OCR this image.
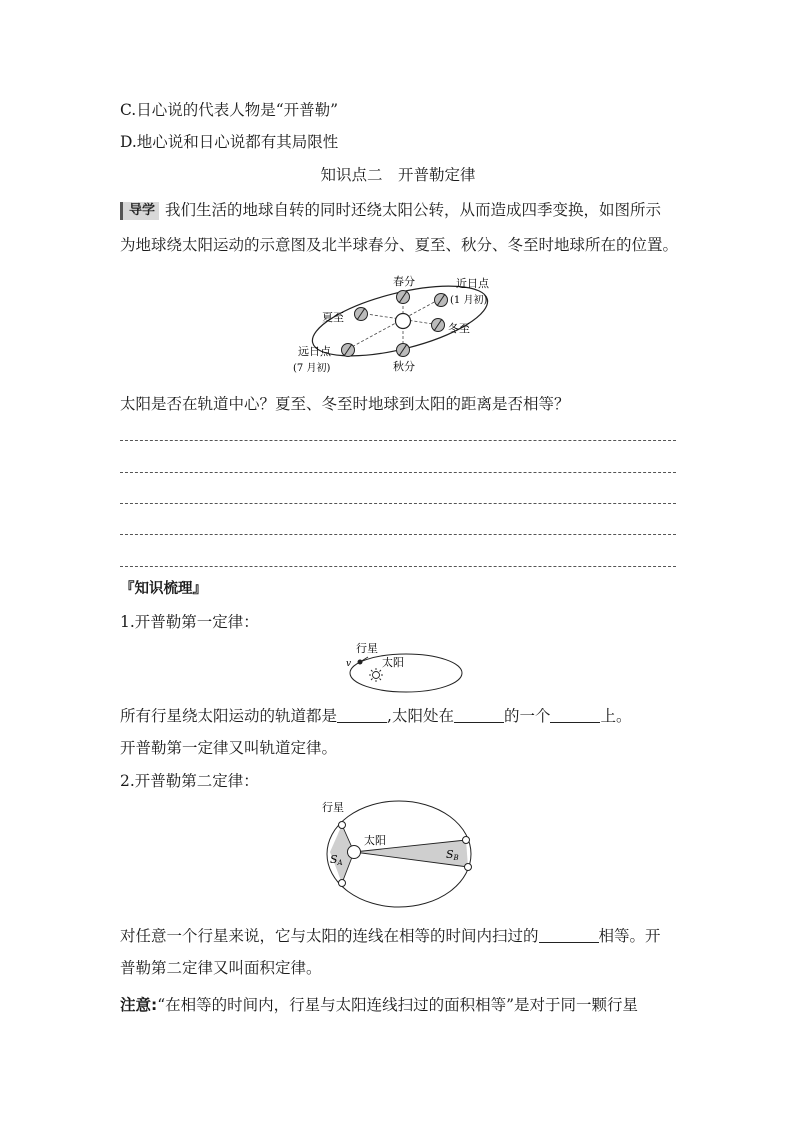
C.日心说的代表人物是“开普勒”
D.地心说和日心说都有其局限性
知识点二　开普勒定律
导学 我们生活的地球自转的同时还绕太阳公转，从而造成四季变换，如图所示
为地球绕太阳运动的示意图及北半球春分、夏至、秋分、冬至时地球所在的位置。
春分	近日点
(1 月初)
夏至
冬至
远日点
(7 月初)	秋分
太阳是否在轨道中心？夏至、冬至时地球到太阳的距离是否相等？
『知识梳理』
1.开普勒第一定律：
行星
v	太阳
所有行星绕太阳运动的轨道都是	,太阳处在	的一个	上。
开普勒第一定律又叫轨道定律。
2.开普勒第二定律：
行星
太阳
SA
SB
对任意一个行星来说，它与太阳的连线在相等的时间内扫过的	相等。开
普勒第二定律又叫面积定律。
注意:“在相等的时间内，行星与太阳连线扫过的面积相等”是对于同一颗行星
